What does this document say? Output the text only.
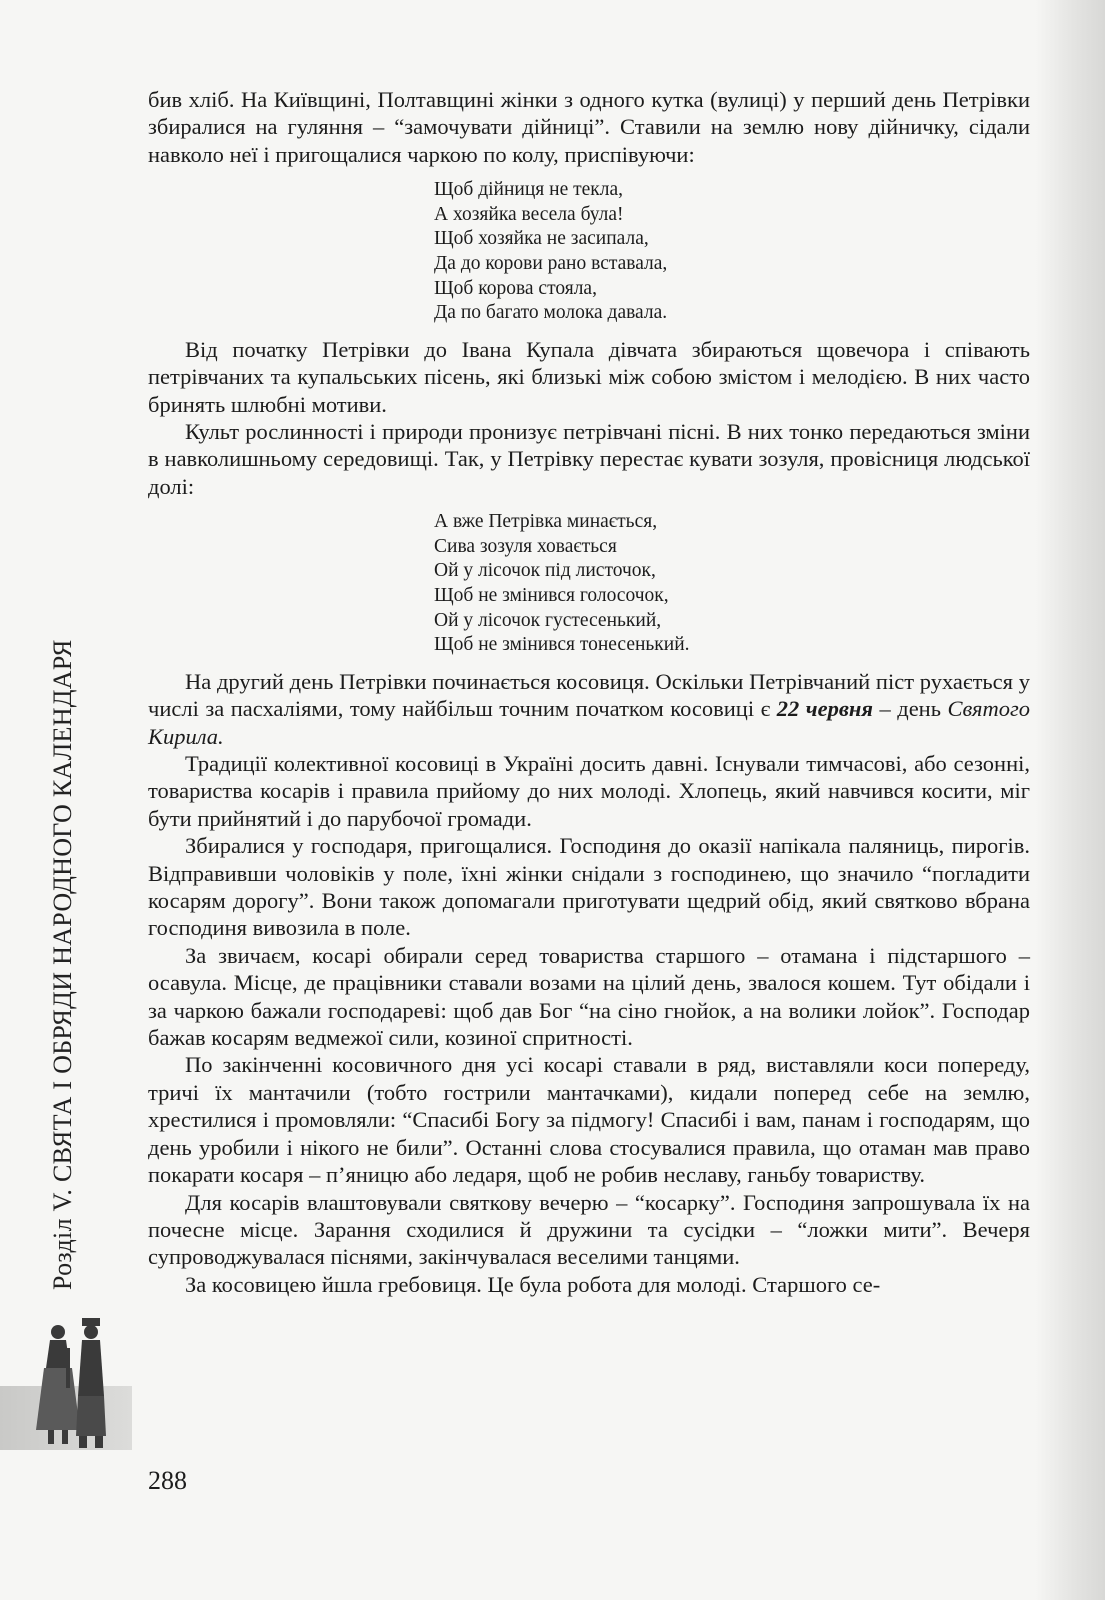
Розділ V. СВЯТА І ОБРЯДИ НАРОДНОГО КАЛЕНДАРЯ

бив хліб. На Київщині, Полтавщині жінки з одного кутка (вулиці) у перший день Петрівки збиралися на гуляння – “замочувати дійниці”. Ставили на землю нову дійничку, сідали навколо неї і пригощалися чаркою по колу, приспівуючи:

Щоб дійниця не текла,
А хозяйка весела була!
Щоб хозяйка не засипала,
Да до корови рано вставала,
Щоб корова стояла,
Да по багато молока давала.

Від початку Петрівки до Івана Купала дівчата збираються щовечора і співають петрівчаних та купальських пісень, які близькі між собою змістом і мелодією. В них часто бринять шлюбні мотиви.

Культ рослинності і природи пронизує петрівчані пісні. В них тонко передаються зміни в навколишньому середовищі. Так, у Петрівку перестає кувати зозуля, провісниця людської долі:

А вже Петрівка минається,
Сива зозуля ховається
Ой у лісочок під листочок,
Щоб не змінився голосочок,
Ой у лісочок густесенький,
Щоб не змінився тонесенький.

На другий день Петрівки починається косовиця. Оскільки Петрівчаний піст рухається у числі за пасхаліями, тому найбільш точним початком косовиці є 22 червня – день Святого Кирила.

Традиції колективної косовиці в Україні досить давні. Існували тимчасові, або сезонні, товариства косарів і правила прийому до них молоді. Хлопець, який навчився косити, міг бути прийнятий і до парубочої громади.

Збиралися у господаря, пригощалися. Господиня до оказії напікала паляниць, пирогів. Відправивши чоловіків у поле, їхні жінки снідали з господинею, що значило “погладити косарям дорогу”. Вони також допомагали приготувати щедрий обід, який святково вбрана господиня вивозила в поле.

За звичаєм, косарі обирали серед товариства старшого – отамана і підстаршого – осавула. Місце, де працівники ставали возами на цілий день, звалося кошем. Тут обідали і за чаркою бажали господареві: щоб дав Бог “на сіно гнойок, а на волики лойок”. Господар бажав косарям ведмежої сили, козиної спритності.

По закінченні косовичного дня усі косарі ставали в ряд, виставляли коси попереду, тричі їх мантачили (тобто гострили мантачками), кидали поперед себе на землю, хрестилися і промовляли: “Спасибі Богу за підмогу! Спасибі і вам, панам і господарям, що день уробили і нікого не били”. Останні слова стосувалися правила, що отаман мав право покарати косаря – п’яницю або ледаря, щоб не робив неславу, ганьбу товариству.

Для косарів влаштовували святкову вечерю – “косарку”. Господиня запрошувала їх на почесне місце. Зарання сходилися й дружини та сусідки – “ложки мити”. Вечеря супроводжувалася піснями, закінчувалася веселими танцями.

За косовицею йшла гребовиця. Це була робота для молоді. Старшого се-

288
